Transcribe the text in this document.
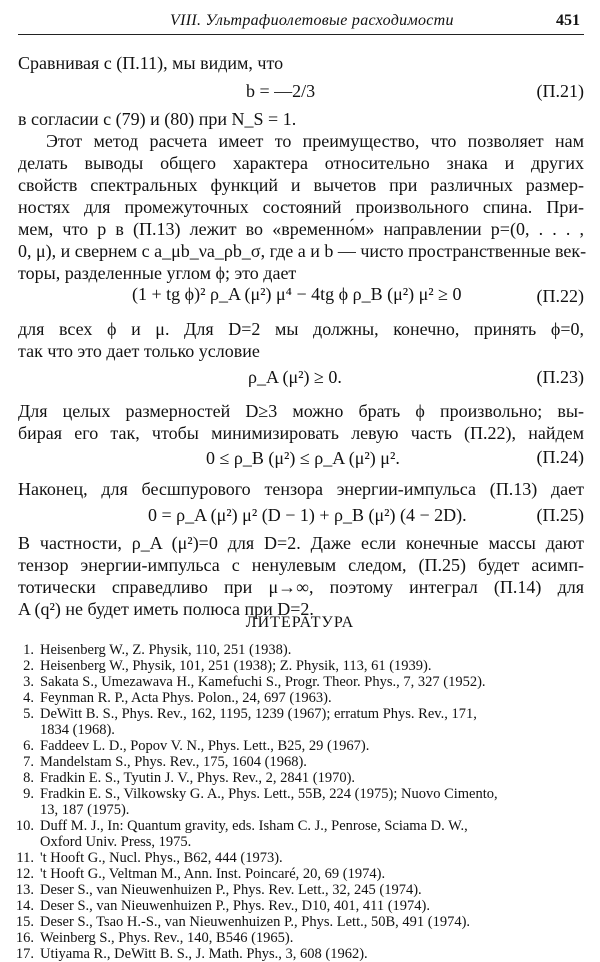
VIII. Ультрафиолетовые расходимости	451
Сравнивая с (П.11), мы видим, что
b = —2/3	(П.21)
в согласии с (79) и (80) при N_S = 1.
Этот метод расчета имеет то преимущество, что позволяет нам
делать выводы общего характера относительно знака и других
свойств спектральных функций и вычетов при различных размер-
ностях для промежуточных состояний произвольного спина. При-
мем, что p в (П.13) лежит во «временно́м» направлении p=(0, . . . ,
0, μ), и свернем с a_μb_νa_ρb_σ, где a и b — чисто пространственные век-
торы, разделенные углом ϕ; это дает
(1 + tg ϕ)² ρ_A (μ²) μ⁴ − 4tg ϕ ρ_B (μ²) μ² ≥ 0	(П.22)
для всех ϕ и μ. Для D=2 мы должны, конечно, принять ϕ=0,
так что это дает только условие
ρ_A (μ²) ≥ 0.	(П.23)
Для целых размерностей D≥3 можно брать ϕ произвольно; вы-
бирая его так, чтобы минимизировать левую часть (П.22), найдем
0 ≤ ρ_B (μ²) ≤ ρ_A (μ²) μ².	(П.24)
Наконец, для бесшпурового тензора энергии-импульса (П.13) дает
0 = ρ_A (μ²) μ² (D − 1) + ρ_B (μ²) (4 − 2D).	(П.25)
В частности, ρ_A (μ²)=0 для D=2. Даже если конечные массы дают
тензор энергии-импульса с ненулевым следом, (П.25) будет асимп-
тотически справедливо при μ→∞, поэтому интеграл (П.14) для
ЛИТЕРАТУРА
1. Heisenberg W., Z. Physik, 110, 251 (1938).
2. Heisenberg W., Physik, 101, 251 (1938); Z. Physik, 113, 61 (1939).
3. Sakata S., Umezawava H., Kamefuchi S., Progr. Theor. Phys., 7, 327 (1952).
4. Feynman R. P., Acta Phys. Polon., 24, 697 (1963).
5. DeWitt B. S., Phys. Rev., 162, 1195, 1239 (1967); erratum Phys. Rev., 171,
1834 (1968).
6. Faddeev L. D., Popov V. N., Phys. Lett., B25, 29 (1967).
7. Mandelstam S., Phys. Rev., 175, 1604 (1968).
8. Fradkin E. S., Tyutin J. V., Phys. Rev., 2, 2841 (1970).
9. Fradkin E. S., Vilkowsky G. A., Phys. Lett., 55B, 224 (1975); Nuovo Cimento,
13, 187 (1975).
10. Duff M. J., In: Quantum gravity, eds. Isham C. J., Penrose, Sciama D. W.,
Oxford Univ. Press, 1975.
11. 't Hooft G., Nucl. Phys., B62, 444 (1973).
12. 't Hooft G., Veltman M., Ann. Inst. Poincaré, 20, 69 (1974).
13. Deser S., van Nieuwenhuizen P., Phys. Rev. Lett., 32, 245 (1974).
14. Deser S., van Nieuwenhuizen P., Phys. Rev., D10, 401, 411 (1974).
15. Deser S., Tsao H.-S., van Nieuwenhuizen P., Phys. Lett., 50B, 491 (1974).
16. Weinberg S., Phys. Rev., 140, B546 (1965).
17. Utiyama R., DeWitt B. S., J. Math. Phys., 3, 608 (1962).
A (q²) не будет иметь полюса при D=2.
